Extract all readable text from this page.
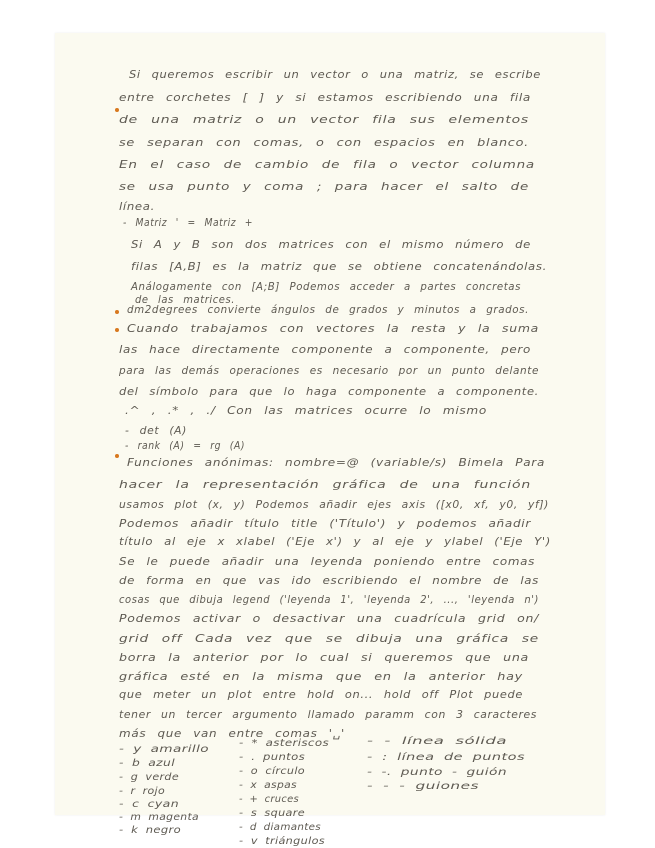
Si queremos escribir un vector o una matriz, se escribe
entre corchetes [ ] y si estamos escribiendo una fila
de una matriz o un vector fila sus elementos
se separan con comas, o con espacios en blanco.
En el caso de cambio de fila o vector columna
se usa punto y coma ; para hacer el salto de
línea.
- Matriz ' = Matriz +
Si A y B son dos matrices con el mismo número de
filas [A,B] es la matriz que se obtiene concatenándolas.
Análogamente con [A;B] Podemos acceder a partes concretas
de las matrices.
dm2degrees convierte ángulos de grados y minutos a grados.
Cuando trabajamos con vectores la resta y la suma
las hace directamente componente a componente, pero
para las demás operaciones es necesario por un punto delante
del símbolo para que lo haga componente a componente.
.^ , .* , ./ Con las matrices ocurre lo mismo
- det (A)
- rank (A) = rg (A)
Funciones anónimas: nombre=@ (variable/s) Bimela Para
hacer la representación gráfica de una función
usamos plot (x, y) Podemos añadir ejes axis ([x0, xf, y0, yf])
Podemos añadir título title ('Título') y podemos añadir
título al eje x xlabel ('Eje x') y al eje y ylabel ('Eje Y')
Se le puede añadir una leyenda poniendo entre comas
de forma en que vas ido escribiendo el nombre de las
cosas que dibuja legend ('leyenda 1', 'leyenda 2', ..., 'leyenda n')
Podemos activar o desactivar una cuadrícula grid on/
grid off Cada vez que se dibuja una gráfica se
borra la anterior por lo cual si queremos que una
gráfica esté en la misma que en la anterior hay
que meter un plot entre hold on... hold off Plot puede
tener un tercer argumento llamado paramm con 3 caracteres
más que van entre comas '␣'
- y amarillo
- b azul
- g verde
- r rojo
- c cyan
- m magenta
- k negro
- * asteriscos
- . puntos
- o círculo
- x aspas
- + cruces
- s square
- d diamantes
- v triángulos
- - línea sólida
- : línea de puntos
- -. punto - guión
- - - guiones
